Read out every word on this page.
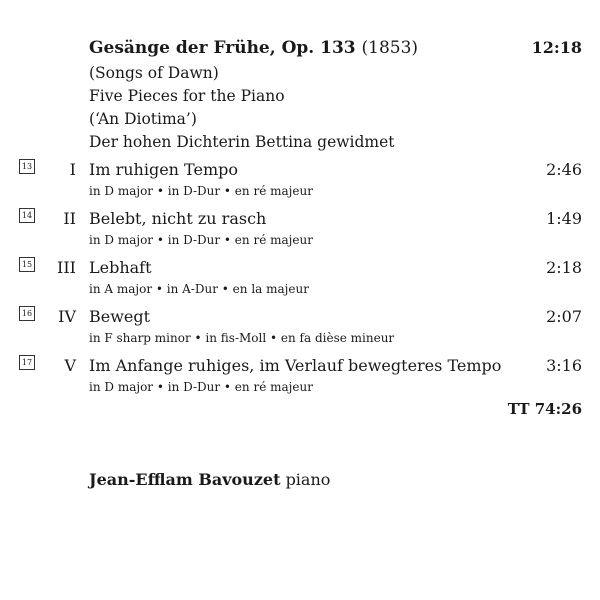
Gesänge der Frühe, Op. 133 (1853)	12:18
(Songs of Dawn)
Five Pieces for the Piano
(‘An Diotima’)
Der hohen Dichterin Bettina gewidmet
13	I Im ruhigen Tempo	2:46
in D major • in D-Dur • en ré majeur
14	II Belebt, nicht zu rasch	1:49
in D major • in D-Dur • en ré majeur
15	III Lebhaft	2:18
in A major • in A-Dur • en la majeur
16	IV Bewegt	2:07
in F sharp minor • in fis-Moll • en fa dièse mineur
17	V Im Anfange ruhiges, im Verlauf bewegteres Tempo	3:16
in D major • in D-Dur • en ré majeur
TT 74:26
Jean-Efflam Bavouzet piano
